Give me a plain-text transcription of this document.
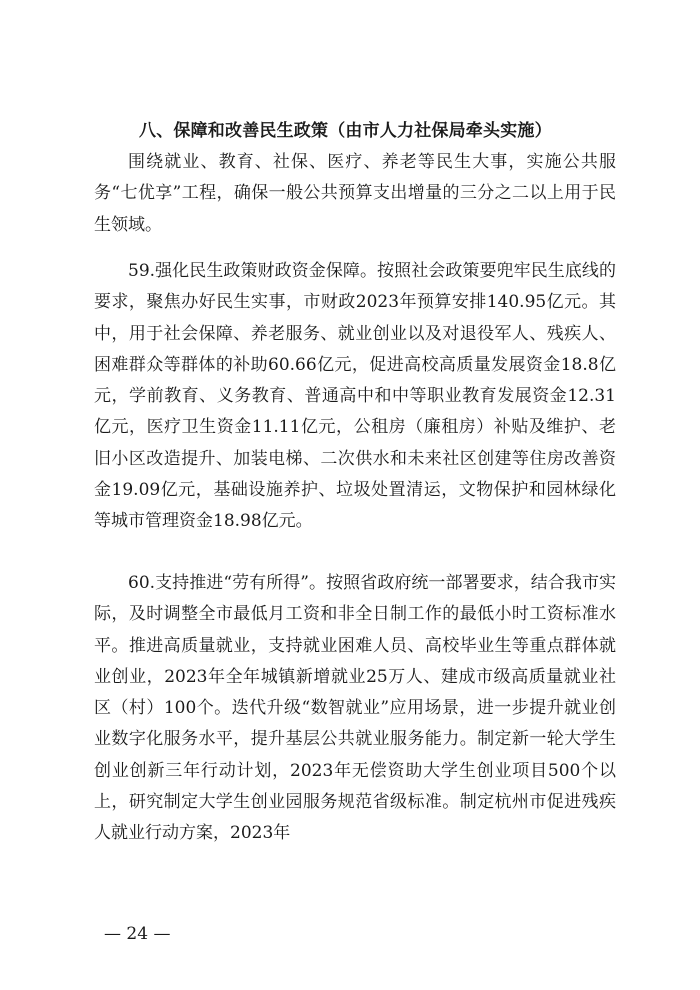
八、保障和改善民生政策（由市人力社保局牵头实施）

围绕就业、教育、社保、医疗、养老等民生大事，实施公共服务“七优享”工程，确保一般公共预算支出增量的三分之二以上用于民生领域。

59.强化民生政策财政资金保障。按照社会政策要兜牢民生底线的要求，聚焦办好民生实事，市财政2023年预算安排140.95亿元。其中，用于社会保障、养老服务、就业创业以及对退役军人、残疾人、困难群众等群体的补助60.66亿元，促进高校高质量发展资金18.8亿元，学前教育、义务教育、普通高中和中等职业教育发展资金12.31亿元，医疗卫生资金11.11亿元，公租房（廉租房）补贴及维护、老旧小区改造提升、加装电梯、二次供水和未来社区创建等住房改善资金19.09亿元，基础设施养护、垃圾处置清运，文物保护和园林绿化等城市管理资金18.98亿元。

60.支持推进“劳有所得”。按照省政府统一部署要求，结合我市实际，及时调整全市最低月工资和非全日制工作的最低小时工资标准水平。推进高质量就业，支持就业困难人员、高校毕业生等重点群体就业创业，2023年全年城镇新增就业25万人、建成市级高质量就业社区（村）100个。迭代升级“数智就业”应用场景，进一步提升就业创业数字化服务水平，提升基层公共就业服务能力。制定新一轮大学生创业创新三年行动计划，2023年无偿资助大学生创业项目500个以上，研究制定大学生创业园服务规范省级标准。制定杭州市促进残疾人就业行动方案，2023年

— 24 —
